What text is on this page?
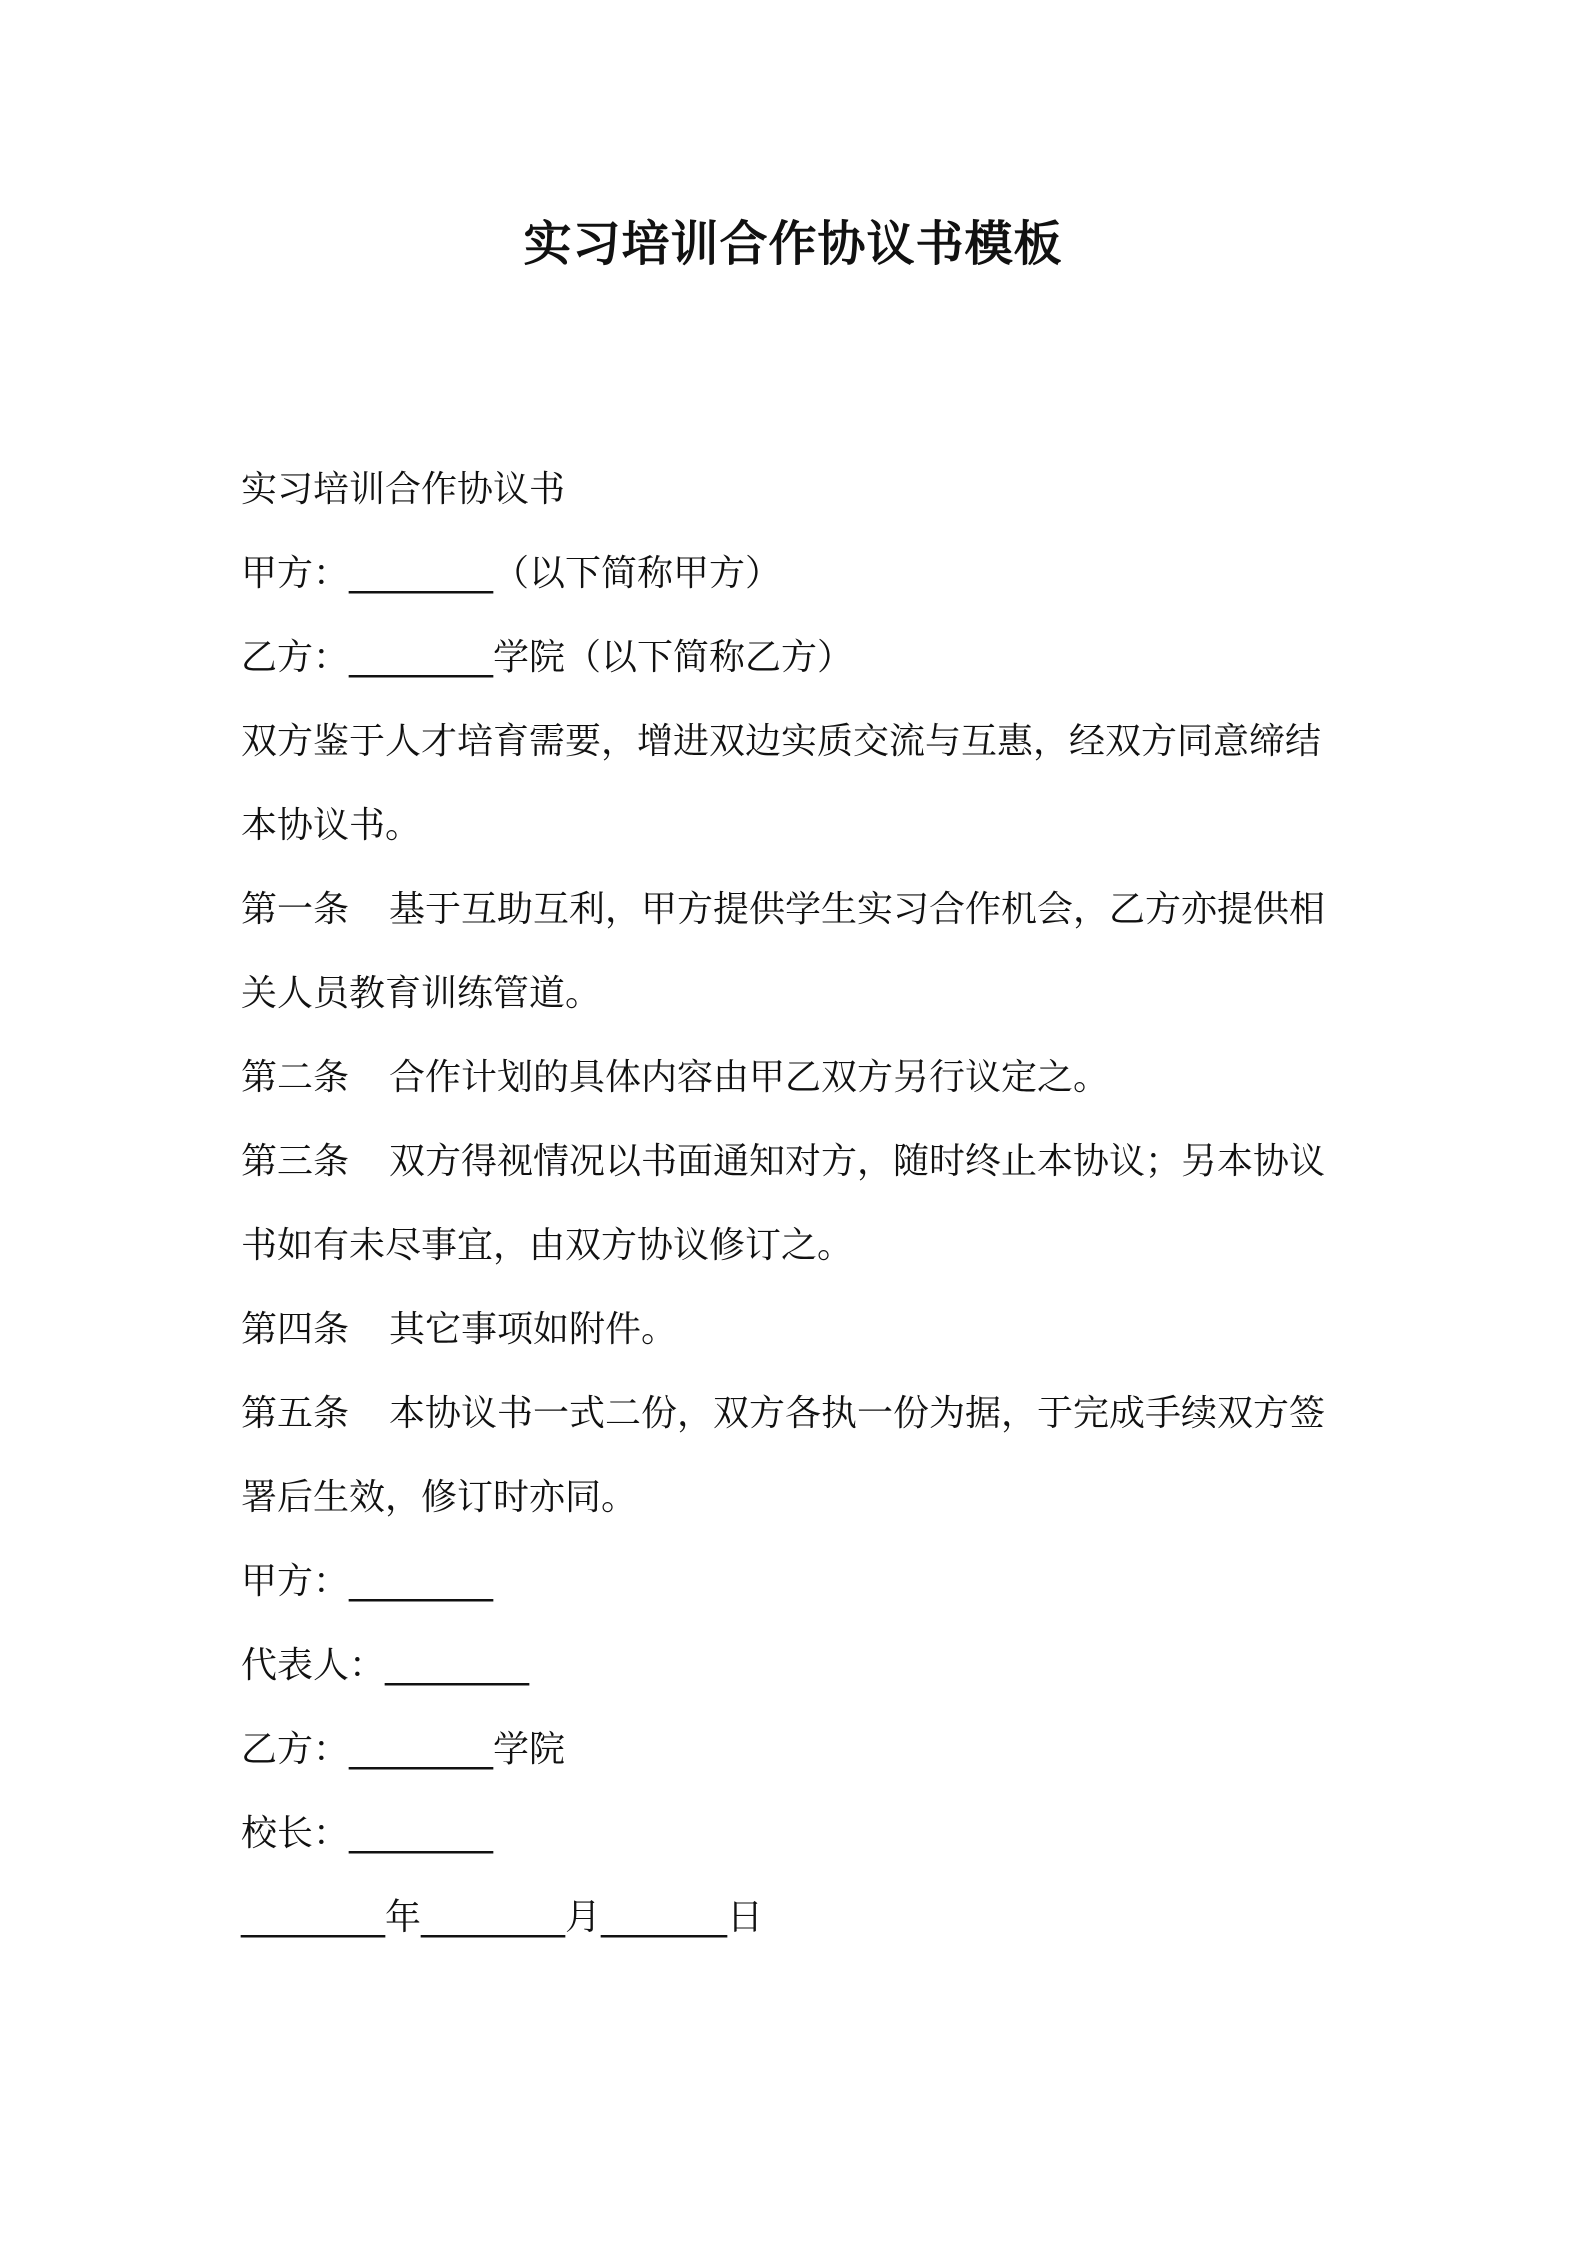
实习培训合作协议书模板

实习培训合作协议书

甲方：________（以下简称甲方）

乙方：________学院（以下简称乙方）

双方鉴于人才培育需要，增进双边实质交流与互惠，经双方同意缔结

本协议书。

第一条 基于互助互利，甲方提供学生实习合作机会，乙方亦提供相

关人员教育训练管道。

第二条 合作计划的具体内容由甲乙双方另行议定之。

第三条 双方得视情况以书面通知对方，随时终止本协议；另本协议

书如有未尽事宜，由双方协议修订之。

第四条 其它事项如附件。

第五条 本协议书一式二份，双方各执一份为据，于完成手续双方签

署后生效，修订时亦同。

甲方：________

代表人：________

乙方：________学院

校长：________

________年________月_______日
